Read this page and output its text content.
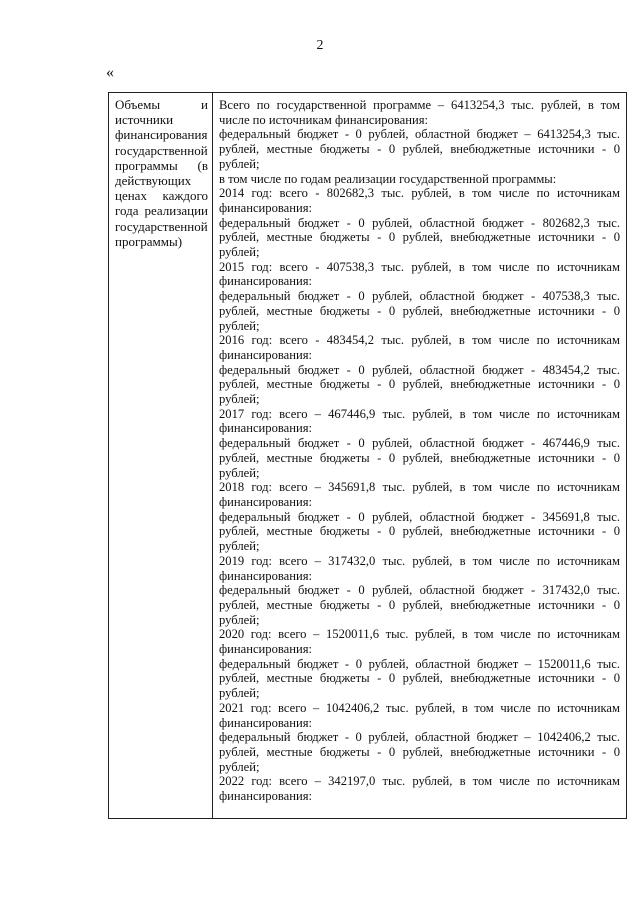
2
«
Объемы и
источники
финансирования
государственной
программы (в
действующих
ценах каждого
года реализации
государственной
программы)

Всего по государственной программе – 6413254,3 тыс. рублей, в том числе по источникам финансирования:

федеральный бюджет - 0 рублей, областной бюджет – 6413254,3 тыс. рублей, местные бюджеты - 0 рублей, внебюджетные источники - 0 рублей;

в том числе по годам реализации государственной программы:

2014 год: всего - 802682,3 тыс. рублей, в том числе по источникам финансирования:

федеральный бюджет - 0 рублей, областной бюджет - 802682,3 тыс. рублей, местные бюджеты - 0 рублей, внебюджетные источники - 0 рублей;

2015 год: всего - 407538,3 тыс. рублей, в том числе по источникам финансирования:

федеральный бюджет - 0 рублей, областной бюджет - 407538,3 тыс. рублей, местные бюджеты - 0 рублей, внебюджетные источники - 0 рублей;

2016 год: всего - 483454,2 тыс. рублей, в том числе по источникам финансирования:

федеральный бюджет - 0 рублей, областной бюджет - 483454,2 тыс. рублей, местные бюджеты - 0 рублей, внебюджетные источники - 0 рублей;

2017 год: всего – 467446,9 тыс. рублей, в том числе по источникам финансирования:

федеральный бюджет - 0 рублей, областной бюджет - 467446,9 тыс. рублей, местные бюджеты - 0 рублей, внебюджетные источники - 0 рублей;

2018 год: всего – 345691,8 тыс. рублей, в том числе по источникам финансирования:

федеральный бюджет - 0 рублей, областной бюджет - 345691,8 тыс. рублей, местные бюджеты - 0 рублей, внебюджетные источники - 0 рублей;

2019 год: всего – 317432,0 тыс. рублей, в том числе по источникам финансирования:

федеральный бюджет - 0 рублей, областной бюджет - 317432,0 тыс. рублей, местные бюджеты - 0 рублей, внебюджетные источники - 0 рублей;

2020 год: всего – 1520011,6 тыс. рублей, в том числе по источникам финансирования:

федеральный бюджет - 0 рублей, областной бюджет – 1520011,6 тыс. рублей, местные бюджеты - 0 рублей, внебюджетные источники - 0 рублей;

2021 год: всего – 1042406,2 тыс. рублей, в том числе по источникам финансирования:

федеральный бюджет - 0 рублей, областной бюджет – 1042406,2 тыс. рублей, местные бюджеты - 0 рублей, внебюджетные источники - 0 рублей;

2022 год: всего – 342197,0 тыс. рублей, в том числе по источникам финансирования:
